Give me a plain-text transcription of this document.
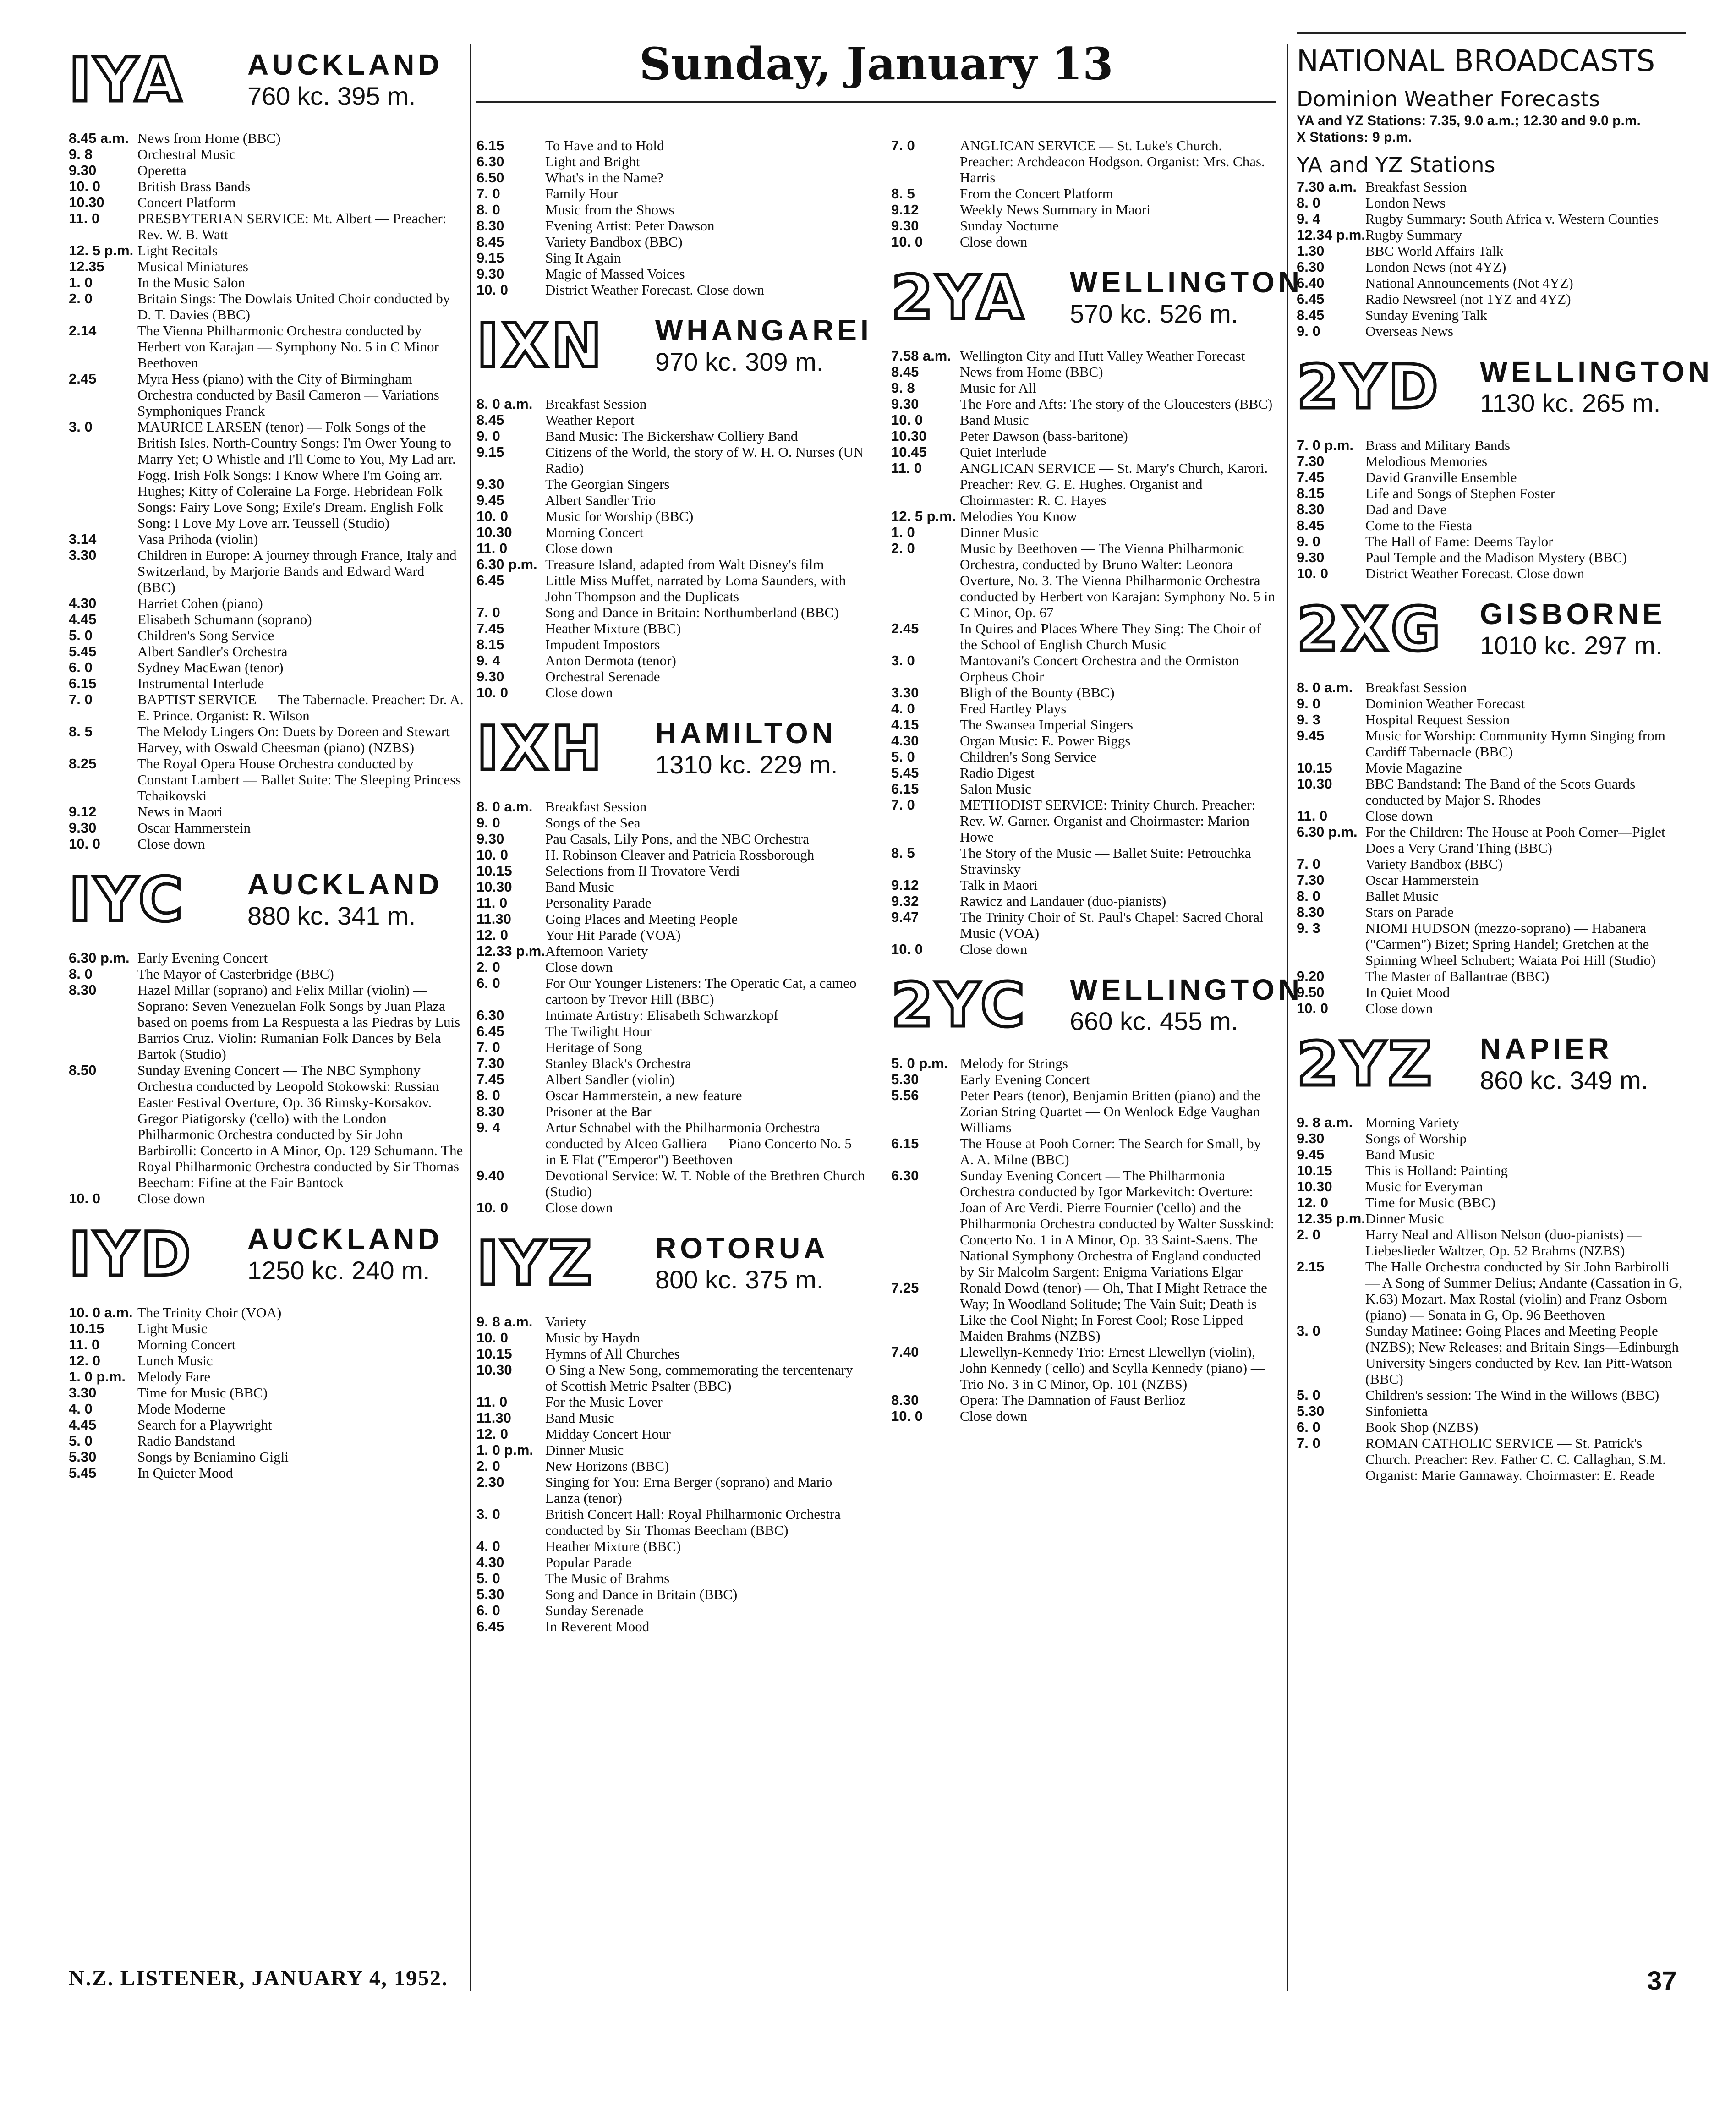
IYA AUCKLAND
760 kc. 395 m.
8.45 a.m. News from Home (BBC)
9. 8	Orchestral Music
9.30	Operetta
10. 0	British Brass Bands
10.30	Concert Platform
11. 0	PRESBYTERIAN SERVICE: Mt. Albert — Preacher: Rev. W. B. Watt
12. 5 p.m. Light Recitals
12.35	Musical Miniatures
1. 0	In the Music Salon
2. 0	Britain Sings: The Dowlais United Choir conducted by D. T. Davies (BBC)
2.14	The Vienna Philharmonic Orchestra conducted by Herbert von Karajan — Symphony No. 5 in C Minor Beethoven
2.45	Myra Hess (piano) with the City of Birmingham Orchestra conducted by Basil Cameron — Variations Symphoniques Franck
3. 0	MAURICE LARSEN (tenor) — Folk Songs of the British Isles. North-Country Songs: I'm Ower Young to Marry Yet; O Whistle and I'll Come to You, My Lad arr. Fogg. Irish Folk Songs: I Know Where I'm Going arr. Hughes; Kitty of Coleraine La Forge. Hebridean Folk Songs: Fairy Love Song; Exile's Dream. English Folk Song: I Love My Love arr. Teussell (Studio)
3.14	Vasa Prihoda (violin)
3.30	Children in Europe: A journey through France, Italy and Switzerland, by Marjorie Bands and Edward Ward (BBC)
4.30	Harriet Cohen (piano)
4.45	Elisabeth Schumann (soprano)
5. 0	Children's Song Service
5.45	Albert Sandler's Orchestra
6. 0	Sydney MacEwan (tenor)
6.15	Instrumental Interlude
7. 0	BAPTIST SERVICE — The Tabernacle. Preacher: Dr. A. E. Prince. Organist: R. Wilson
8. 5	The Melody Lingers On: Duets by Doreen and Stewart Harvey, with Oswald Cheesman (piano) (NZBS)
8.25	The Royal Opera House Orchestra conducted by Constant Lambert — Ballet Suite: The Sleeping Princess Tchaikovski
9.12	News in Maori
9.30	Oscar Hammerstein
10. 0	Close down
IYC AUCKLAND
880 kc. 341 m.
6.30 p.m. Early Evening Concert
8. 0	The Mayor of Casterbridge (BBC)
8.30	Hazel Millar (soprano) and Felix Millar (violin) — Soprano: Seven Venezuelan Folk Songs by Juan Plaza based on poems from La Respuesta a las Piedras by Luis Barrios Cruz. Violin: Rumanian Folk Dances by Bela Bartok (Studio)
8.50	Sunday Evening Concert — The NBC Symphony Orchestra conducted by Leopold Stokowski: Russian Easter Festival Overture, Op. 36 Rimsky-Korsakov. Gregor Piatigorsky ('cello) with the London Philharmonic Orchestra conducted by Sir John Barbirolli: Concerto in A Minor, Op. 129 Schumann. The Royal Philharmonic Orchestra conducted by Sir Thomas Beecham: Fifine at the Fair Bantock
10. 0	Close down
IYD AUCKLAND
1250 kc. 240 m.
10. 0 a.m. The Trinity Choir (VOA)
10.15	Light Music
11. 0	Morning Concert
12. 0	Lunch Music
1. 0 p.m. Melody Fare
3.30	Time for Music (BBC)
4. 0	Mode Moderne
4.45	Search for a Playwright
5. 0	Radio Bandstand
5.30	Songs by Beniamino Gigli
5.45	In Quieter Mood
Sunday, January 13
6.15	To Have and to Hold
6.30	Light and Bright
6.50	What's in the Name?
7. 0	Family Hour
8. 0	Music from the Shows
8.30	Evening Artist: Peter Dawson
8.45	Variety Bandbox (BBC)
9.15	Sing It Again
9.30	Magic of Massed Voices
10. 0	District Weather Forecast. Close down
IXN WHANGAREI
970 kc. 309 m.
8. 0 a.m. Breakfast Session
8.45	Weather Report
9. 0	Band Music: The Bickershaw Colliery Band
9.15	Citizens of the World, the story of W. H. O. Nurses (UN Radio)
9.30	The Georgian Singers
9.45	Albert Sandler Trio
10. 0	Music for Worship (BBC)
10.30	Morning Concert
11. 0	Close down
6.30 p.m. Treasure Island, adapted from Walt Disney's film
6.45	Little Miss Muffet, narrated by Loma Saunders, with John Thompson and the Duplicats
7. 0	Song and Dance in Britain: Northumberland (BBC)
7.45	Heather Mixture (BBC)
8.15	Impudent Impostors
9. 4	Anton Dermota (tenor)
9.30	Orchestral Serenade
10. 0	Close down
IXH HAMILTON
1310 kc. 229 m.
8. 0 a.m. Breakfast Session
9. 0	Songs of the Sea
9.30	Pau Casals, Lily Pons, and the NBC Orchestra
10. 0	H. Robinson Cleaver and Patricia Rossborough
10.15	Selections from Il Trovatore Verdi
10.30	Band Music
11. 0	Personality Parade
11.30	Going Places and Meeting People
12. 0	Your Hit Parade (VOA)
12.33 p.m. Afternoon Variety
2. 0	Close down
6. 0	For Our Younger Listeners: The Operatic Cat, a cameo cartoon by Trevor Hill (BBC)
6.30	Intimate Artistry: Elisabeth Schwarzkopf
6.45	The Twilight Hour
7. 0	Heritage of Song
7.30	Stanley Black's Orchestra
7.45	Albert Sandler (violin)
8. 0	Oscar Hammerstein, a new feature
8.30	Prisoner at the Bar
9. 4	Artur Schnabel with the Philharmonia Orchestra conducted by Alceo Galliera — Piano Concerto No. 5 in E Flat ("Emperor") Beethoven
9.40	Devotional Service: W. T. Noble of the Brethren Church (Studio)
10. 0	Close down
IYZ ROTORUA
800 kc. 375 m.
9. 8 a.m. Variety
10. 0	Music by Haydn
10.15	Hymns of All Churches
10.30	O Sing a New Song, commemorating the tercentenary of Scottish Metric Psalter (BBC)
11. 0	For the Music Lover
11.30	Band Music
12. 0	Midday Concert Hour
1. 0 p.m. Dinner Music
2. 0	New Horizons (BBC)
2.30	Singing for You: Erna Berger (soprano) and Mario Lanza (tenor)
3. 0	British Concert Hall: Royal Philharmonic Orchestra conducted by Sir Thomas Beecham (BBC)
4. 0	Heather Mixture (BBC)
4.30	Popular Parade
5. 0	The Music of Brahms
5.30	Song and Dance in Britain (BBC)
6. 0	Sunday Serenade
6.45	In Reverent Mood
7. 0	ANGLICAN SERVICE — St. Luke's Church. Preacher: Archdeacon Hodgson. Organist: Mrs. Chas. Harris
8. 5	From the Concert Platform
9.12	Weekly News Summary in Maori
9.30	Sunday Nocturne
10. 0	Close down
2YA WELLINGTON
570 kc. 526 m.
7.58 a.m. Wellington City and Hutt Valley Weather Forecast
8.45	News from Home (BBC)
9. 8	Music for All
9.30	The Fore and Afts: The story of the Gloucesters (BBC)
10. 0	Band Music
10.30	Peter Dawson (bass-baritone)
10.45	Quiet Interlude
11. 0	ANGLICAN SERVICE — St. Mary's Church, Karori. Preacher: Rev. G. E. Hughes. Organist and Choirmaster: R. C. Hayes
12. 5 p.m. Melodies You Know
1. 0	Dinner Music
2. 0	Music by Beethoven — The Vienna Philharmonic Orchestra, conducted by Bruno Walter: Leonora Overture, No. 3. The Vienna Philharmonic Orchestra conducted by Herbert von Karajan: Symphony No. 5 in C Minor, Op. 67
2.45	In Quires and Places Where They Sing: The Choir of the School of English Church Music
3. 0	Mantovani's Concert Orchestra and the Ormiston Orpheus Choir
3.30	Bligh of the Bounty (BBC)
4. 0	Fred Hartley Plays
4.15	The Swansea Imperial Singers
4.30	Organ Music: E. Power Biggs
5. 0	Children's Song Service
5.45	Radio Digest
6.15	Salon Music
7. 0	METHODIST SERVICE: Trinity Church. Preacher: Rev. W. Garner. Organist and Choirmaster: Marion Howe
8. 5	The Story of the Music — Ballet Suite: Petrouchka Stravinsky
9.12	Talk in Maori
9.32	Rawicz and Landauer (duo-pianists)
9.47	The Trinity Choir of St. Paul's Chapel: Sacred Choral Music (VOA)
10. 0	Close down
2YC WELLINGTON
660 kc. 455 m.
5. 0 p.m. Melody for Strings
5.30	Early Evening Concert
5.56	Peter Pears (tenor), Benjamin Britten (piano) and the Zorian String Quartet — On Wenlock Edge Vaughan Williams
6.15	The House at Pooh Corner: The Search for Small, by A. A. Milne (BBC)
6.30	Sunday Evening Concert — The Philharmonia Orchestra conducted by Igor Markevitch: Overture: Joan of Arc Verdi. Pierre Fournier ('cello) and the Philharmonia Orchestra conducted by Walter Susskind: Concerto No. 1 in A Minor, Op. 33 Saint-Saens. The National Symphony Orchestra of England conducted by Sir Malcolm Sargent: Enigma Variations Elgar
7.25	Ronald Dowd (tenor) — Oh, That I Might Retrace the Way; In Woodland Solitude; The Vain Suit; Death is Like the Cool Night; In Forest Cool; Rose Lipped Maiden Brahms (NZBS)
7.40	Llewellyn-Kennedy Trio: Ernest Llewellyn (violin), John Kennedy ('cello) and Scylla Kennedy (piano) — Trio No. 3 in C Minor, Op. 101 (NZBS)
8.30	Opera: The Damnation of Faust Berlioz
10. 0	Close down
NATIONAL BROADCASTS
Dominion Weather Forecasts
YA and YZ Stations: 7.35, 9.0 a.m.; 12.30 and 9.0 p.m.
X Stations: 9 p.m.
YA and YZ Stations
7.30 a.m. Breakfast Session
8. 0	London News
9. 4	Rugby Summary: South Africa v. Western Counties
12.34 p.m. Rugby Summary
1.30	BBC World Affairs Talk
6.30	London News (not 4YZ)
6.40	National Announcements (Not 4YZ)
6.45	Radio Newsreel (not 1YZ and 4YZ)
8.45	Sunday Evening Talk
9. 0	Overseas News
2YD WELLINGTON
1130 kc. 265 m.
7. 0 p.m. Brass and Military Bands
7.30	Melodious Memories
7.45	David Granville Ensemble
8.15	Life and Songs of Stephen Foster
8.30	Dad and Dave
8.45	Come to the Fiesta
9. 0	The Hall of Fame: Deems Taylor
9.30	Paul Temple and the Madison Mystery (BBC)
10. 0	District Weather Forecast. Close down
2XG GISBORNE
1010 kc. 297 m.
8. 0 a.m. Breakfast Session
9. 0	Dominion Weather Forecast
9. 3	Hospital Request Session
9.45	Music for Worship: Community Hymn Singing from Cardiff Tabernacle (BBC)
10.15	Movie Magazine
10.30	BBC Bandstand: The Band of the Scots Guards conducted by Major S. Rhodes
11. 0	Close down
6.30 p.m. For the Children: The House at Pooh Corner—Piglet Does a Very Grand Thing (BBC)
7. 0	Variety Bandbox (BBC)
7.30	Oscar Hammerstein
8. 0	Ballet Music
8.30	Stars on Parade
9. 3	NIOMI HUDSON (mezzo-soprano) — Habanera ("Carmen") Bizet; Spring Handel; Gretchen at the Spinning Wheel Schubert; Waiata Poi Hill (Studio)
9.20	The Master of Ballantrae (BBC)
9.50	In Quiet Mood
10. 0	Close down
2YZ NAPIER
860 kc. 349 m.
9. 8 a.m. Morning Variety
9.30	Songs of Worship
9.45	Band Music
10.15	This is Holland: Painting
10.30	Music for Everyman
12. 0	Time for Music (BBC)
12.35 p.m. Dinner Music
2. 0	Harry Neal and Allison Nelson (duo-pianists) — Liebeslieder Waltzer, Op. 52 Brahms (NZBS)
2.15	The Halle Orchestra conducted by Sir John Barbirolli — A Song of Summer Delius; Andante (Cassation in G, K.63) Mozart. Max Rostal (violin) and Franz Osborn (piano) — Sonata in G, Op. 96 Beethoven
3. 0	Sunday Matinee: Going Places and Meeting People (NZBS); New Releases; and Britain Sings—Edinburgh University Singers conducted by Rev. Ian Pitt-Watson (BBC)
5. 0	Children's session: The Wind in the Willows (BBC)
5.30	Sinfonietta
6. 0	Book Shop (NZBS)
7. 0	ROMAN CATHOLIC SERVICE — St. Patrick's Church. Preacher: Rev. Father C. C. Callaghan, S.M. Organist: Marie Gannaway. Choirmaster: E. Reade
N.Z. LISTENER, JANUARY 4, 1952.	37
